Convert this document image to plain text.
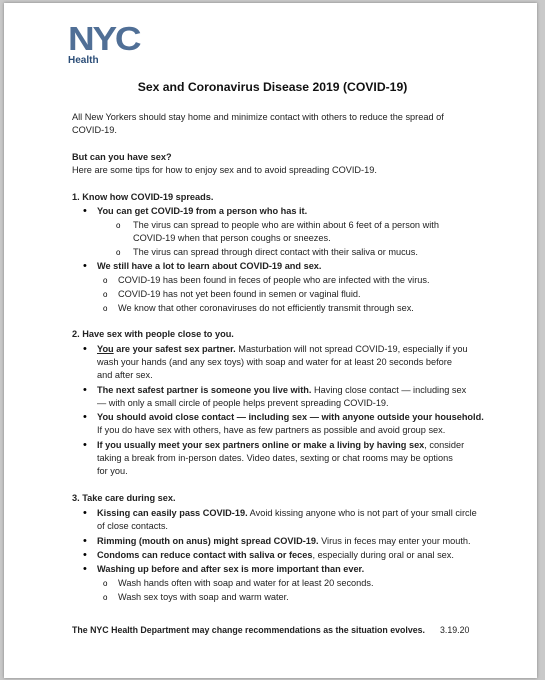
NYC
Health
Sex and Coronavirus Disease 2019 (COVID-19)
All New Yorkers should stay home and minimize contact with others to reduce the spread of
COVID-19.
But can you have sex?
Here are some tips for how to enjoy sex and to avoid spreading COVID-19.
1. Know how COVID-19 spreads.
• You can get COVID-19 from a person who has it.
o The virus can spread to people who are within about 6 feet of a person with
COVID-19 when that person coughs or sneezes.
o The virus can spread through direct contact with their saliva or mucus.
• We still have a lot to learn about COVID-19 and sex.
o COVID-19 has been found in feces of people who are infected with the virus.
o COVID-19 has not yet been found in semen or vaginal fluid.
o We know that other coronaviruses do not efficiently transmit through sex.
2. Have sex with people close to you.
• You are your safest sex partner. Masturbation will not spread COVID-19, especially if you
wash your hands (and any sex toys) with soap and water for at least 20 seconds before
and after sex.
• The next safest partner is someone you live with. Having close contact — including sex
— with only a small circle of people helps prevent spreading COVID-19.
• You should avoid close contact — including sex — with anyone outside your household.
If you do have sex with others, have as few partners as possible and avoid group sex.
• If you usually meet your sex partners online or make a living by having sex, consider
taking a break from in-person dates. Video dates, sexting or chat rooms may be options
for you.
3. Take care during sex.
• Kissing can easily pass COVID-19. Avoid kissing anyone who is not part of your small circle
of close contacts.
• Rimming (mouth on anus) might spread COVID-19. Virus in feces may enter your mouth.
• Condoms can reduce contact with saliva or feces, especially during oral or anal sex.
• Washing up before and after sex is more important than ever.
o Wash hands often with soap and water for at least 20 seconds.
o Wash sex toys with soap and warm water.
The NYC Health Department may change recommendations as the situation evolves. 3.19.20
